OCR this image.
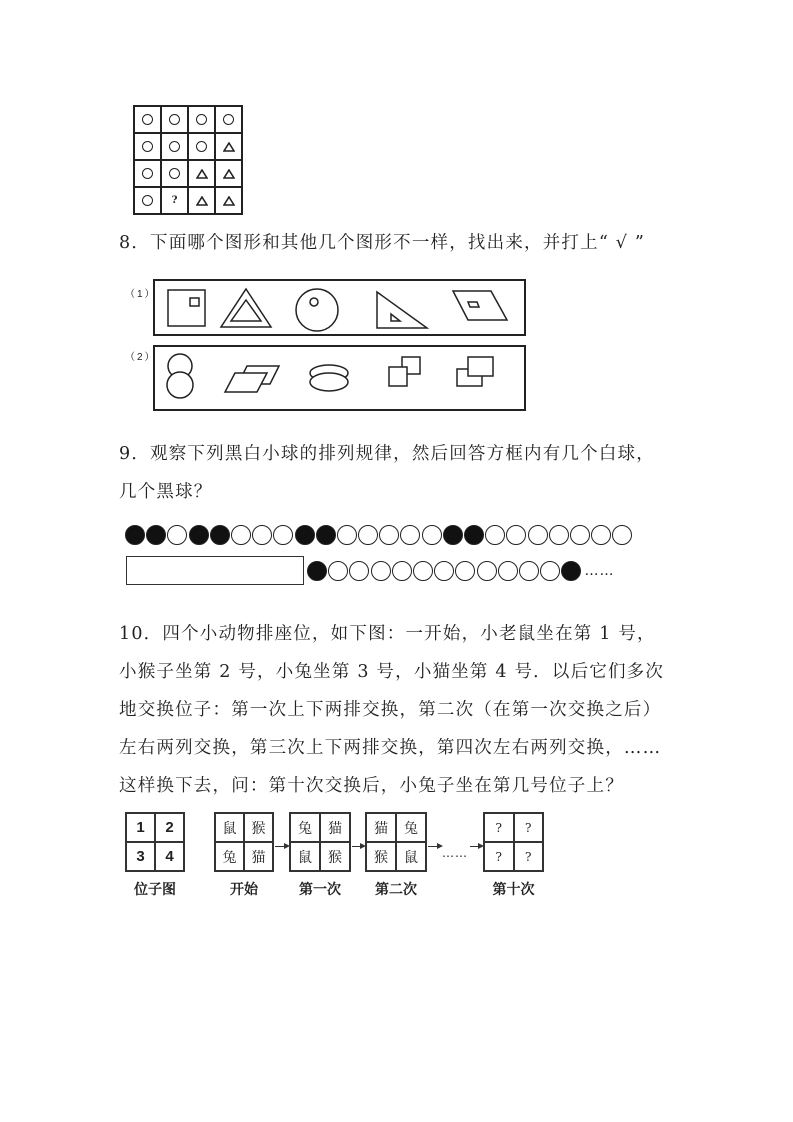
?
8．下面哪个图形和其他几个图形不一样，找出来，并打上“ √ ”
（1）
（2）
9．观察下列黑白小球的排列规律，然后回答方框内有几个白球，
几个黑球？
……
10．四个小动物排座位，如下图：一开始，小老鼠坐在第 1 号，
小猴子坐第 2 号，小兔坐第 3 号，小猫坐第 4 号．以后它们多次
地交换位子：第一次上下两排交换，第二次（在第一次交换之后）
左右两列交换，第三次上下两排交换，第四次左右两列交换，……
这样换下去，问：第十次交换后，小兔子坐在第几号位子上？
1	2
3	4
位子图
鼠	猴
兔	猫
开始
兔	猫
鼠	猴
第一次
猫	兔
猴	鼠
第二次
……
?	?
?	?
第十次
